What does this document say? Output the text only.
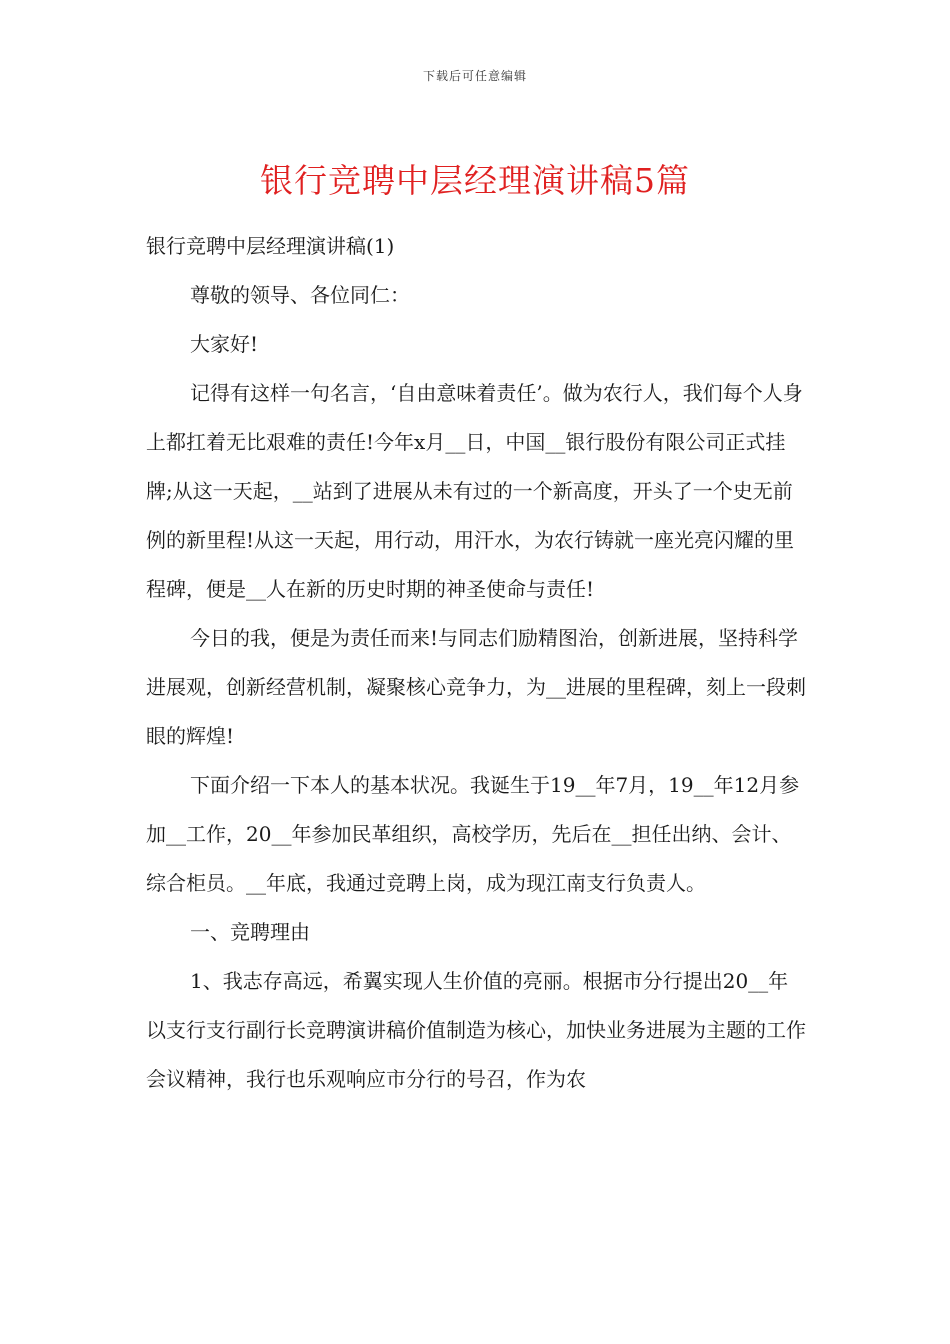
下载后可任意编辑
银行竞聘中层经理演讲稿5篇

银行竞聘中层经理演讲稿(1)

尊敬的领导、各位同仁：

大家好!

记得有这样一句名言，‘自由意味着责任’。做为农行人，我们每个人身上都扛着无比艰难的责任!今年x月__日，中国__银行股份有限公司正式挂牌;从这一天起，__站到了进展从未有过的一个新高度，开头了一个史无前例的新里程!从这一天起，用行动，用汗水，为农行铸就一座光亮闪耀的里程碑，便是__人在新的历史时期的神圣使命与责任!

今日的我，便是为责任而来!与同志们励精图治，创新进展，坚持科学进展观，创新经营机制，凝聚核心竞争力，为__进展的里程碑，刻上一段刺眼的辉煌!

下面介绍一下本人的基本状况。我诞生于19__年7月，19__年12月参加__工作，20__年参加民革组织，高校学历，先后在__担任出纳、会计、综合柜员。__年底，我通过竞聘上岗，成为现江南支行负责人。

一、竞聘理由

1、我志存高远，希翼实现人生价值的亮丽。根据市分行提出20__年以支行支行副行长竞聘演讲稿价值制造为核心，加快业务进展为主题的工作会议精神，我行也乐观响应市分行的号召，作为农
